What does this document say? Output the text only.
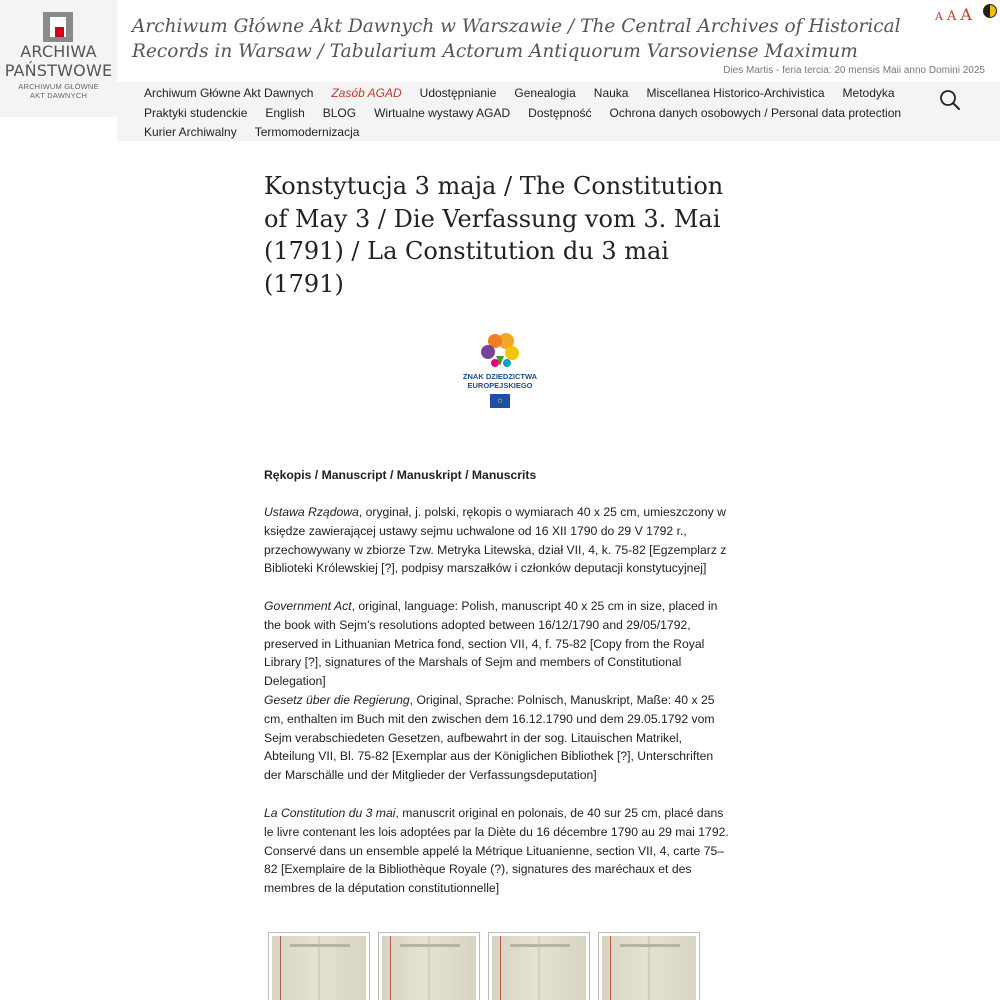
ARCHIWA
PAŃSTWOWE
ARCHIWUM GŁÓWNE
AKT DAWNYCH
Archiwum Główne Akt Dawnych w Warszawie / The Central Archives of Historical Records in Warsaw / Tabularium Actorum Antiquorum Varsoviense Maximum
Dies Martis - feria tercia: 20 mensis Maii anno Domini 2025
A A A
Archiwum Główne Akt Dawnych Zasób AGAD Udostępnianie Genealogia Nauka Miscellanea Historico-Archivistica Metodyka
Praktyki studenckie English BLOG Wirtualne wystawy AGAD Dostępność Ochrona danych osobowych / Personal data protection
Kurier Archiwalny Termomodernizacja
Konstytucja 3 maja / The Constitution of May 3 / Die Verfassung vom 3. Mai (1791) / La Constitution du 3 mai (1791)
ZNAK DZIEDZICTWA
EUROPEJSKIEGO
✩
Rękopis / Manuscript / Manuskript / Manuscrits
Ustawa Rządowa, oryginał, j. polski, rękopis o wymiarach 40 x 25 cm, umieszczony w księdze zawierającej ustawy sejmu uchwalone od 16 XII 1790 do 29 V 1792 r., przechowywany w zbiorze Tzw. Metryka Litewska, dział VII, 4, k. 75-82 [Egzemplarz z Biblioteki Królewskiej [?], podpisy marszałków i członków deputacji konstytucyjnej]
Government Act, original, language: Polish, manuscript 40 x 25 cm in size, placed in the book with Sejm’s resolutions adopted between 16/12/1790 and 29/05/1792, preserved in Lithuanian Metrica fond, section VII, 4, f. 75-82 [Copy from the Royal Library [?], signatures of the Marshals of Sejm and members of Constitutional Delegation]
Gesetz über die Regierung, Original, Sprache: Polnisch, Manuskript, Maße: 40 x 25 cm, enthalten im Buch mit den zwischen dem 16.12.1790 und dem 29.05.1792 vom Sejm verabschiedeten Gesetzen, aufbewahrt in der sog. Litauischen Matrikel, Abteilung VII, Bl. 75-82 [Exemplar aus der Königlichen Bibliothek [?], Unterschriften der Marschälle und der Mitglieder der Verfassungsdeputation]
La Constitution du 3 mai, manuscrit original en polonais, de 40 sur 25 cm, placé dans le livre contenant les lois adoptées par la Diète du 16 décembre 1790 au 29 mai 1792. Conservé dans un ensemble appelé la Métrique Lituanienne, section VII, 4, carte 75–82 [Exemplaire de la Bibliothèque Royale (?), signatures des maréchaux et des membres de la députation constitutionnelle]
